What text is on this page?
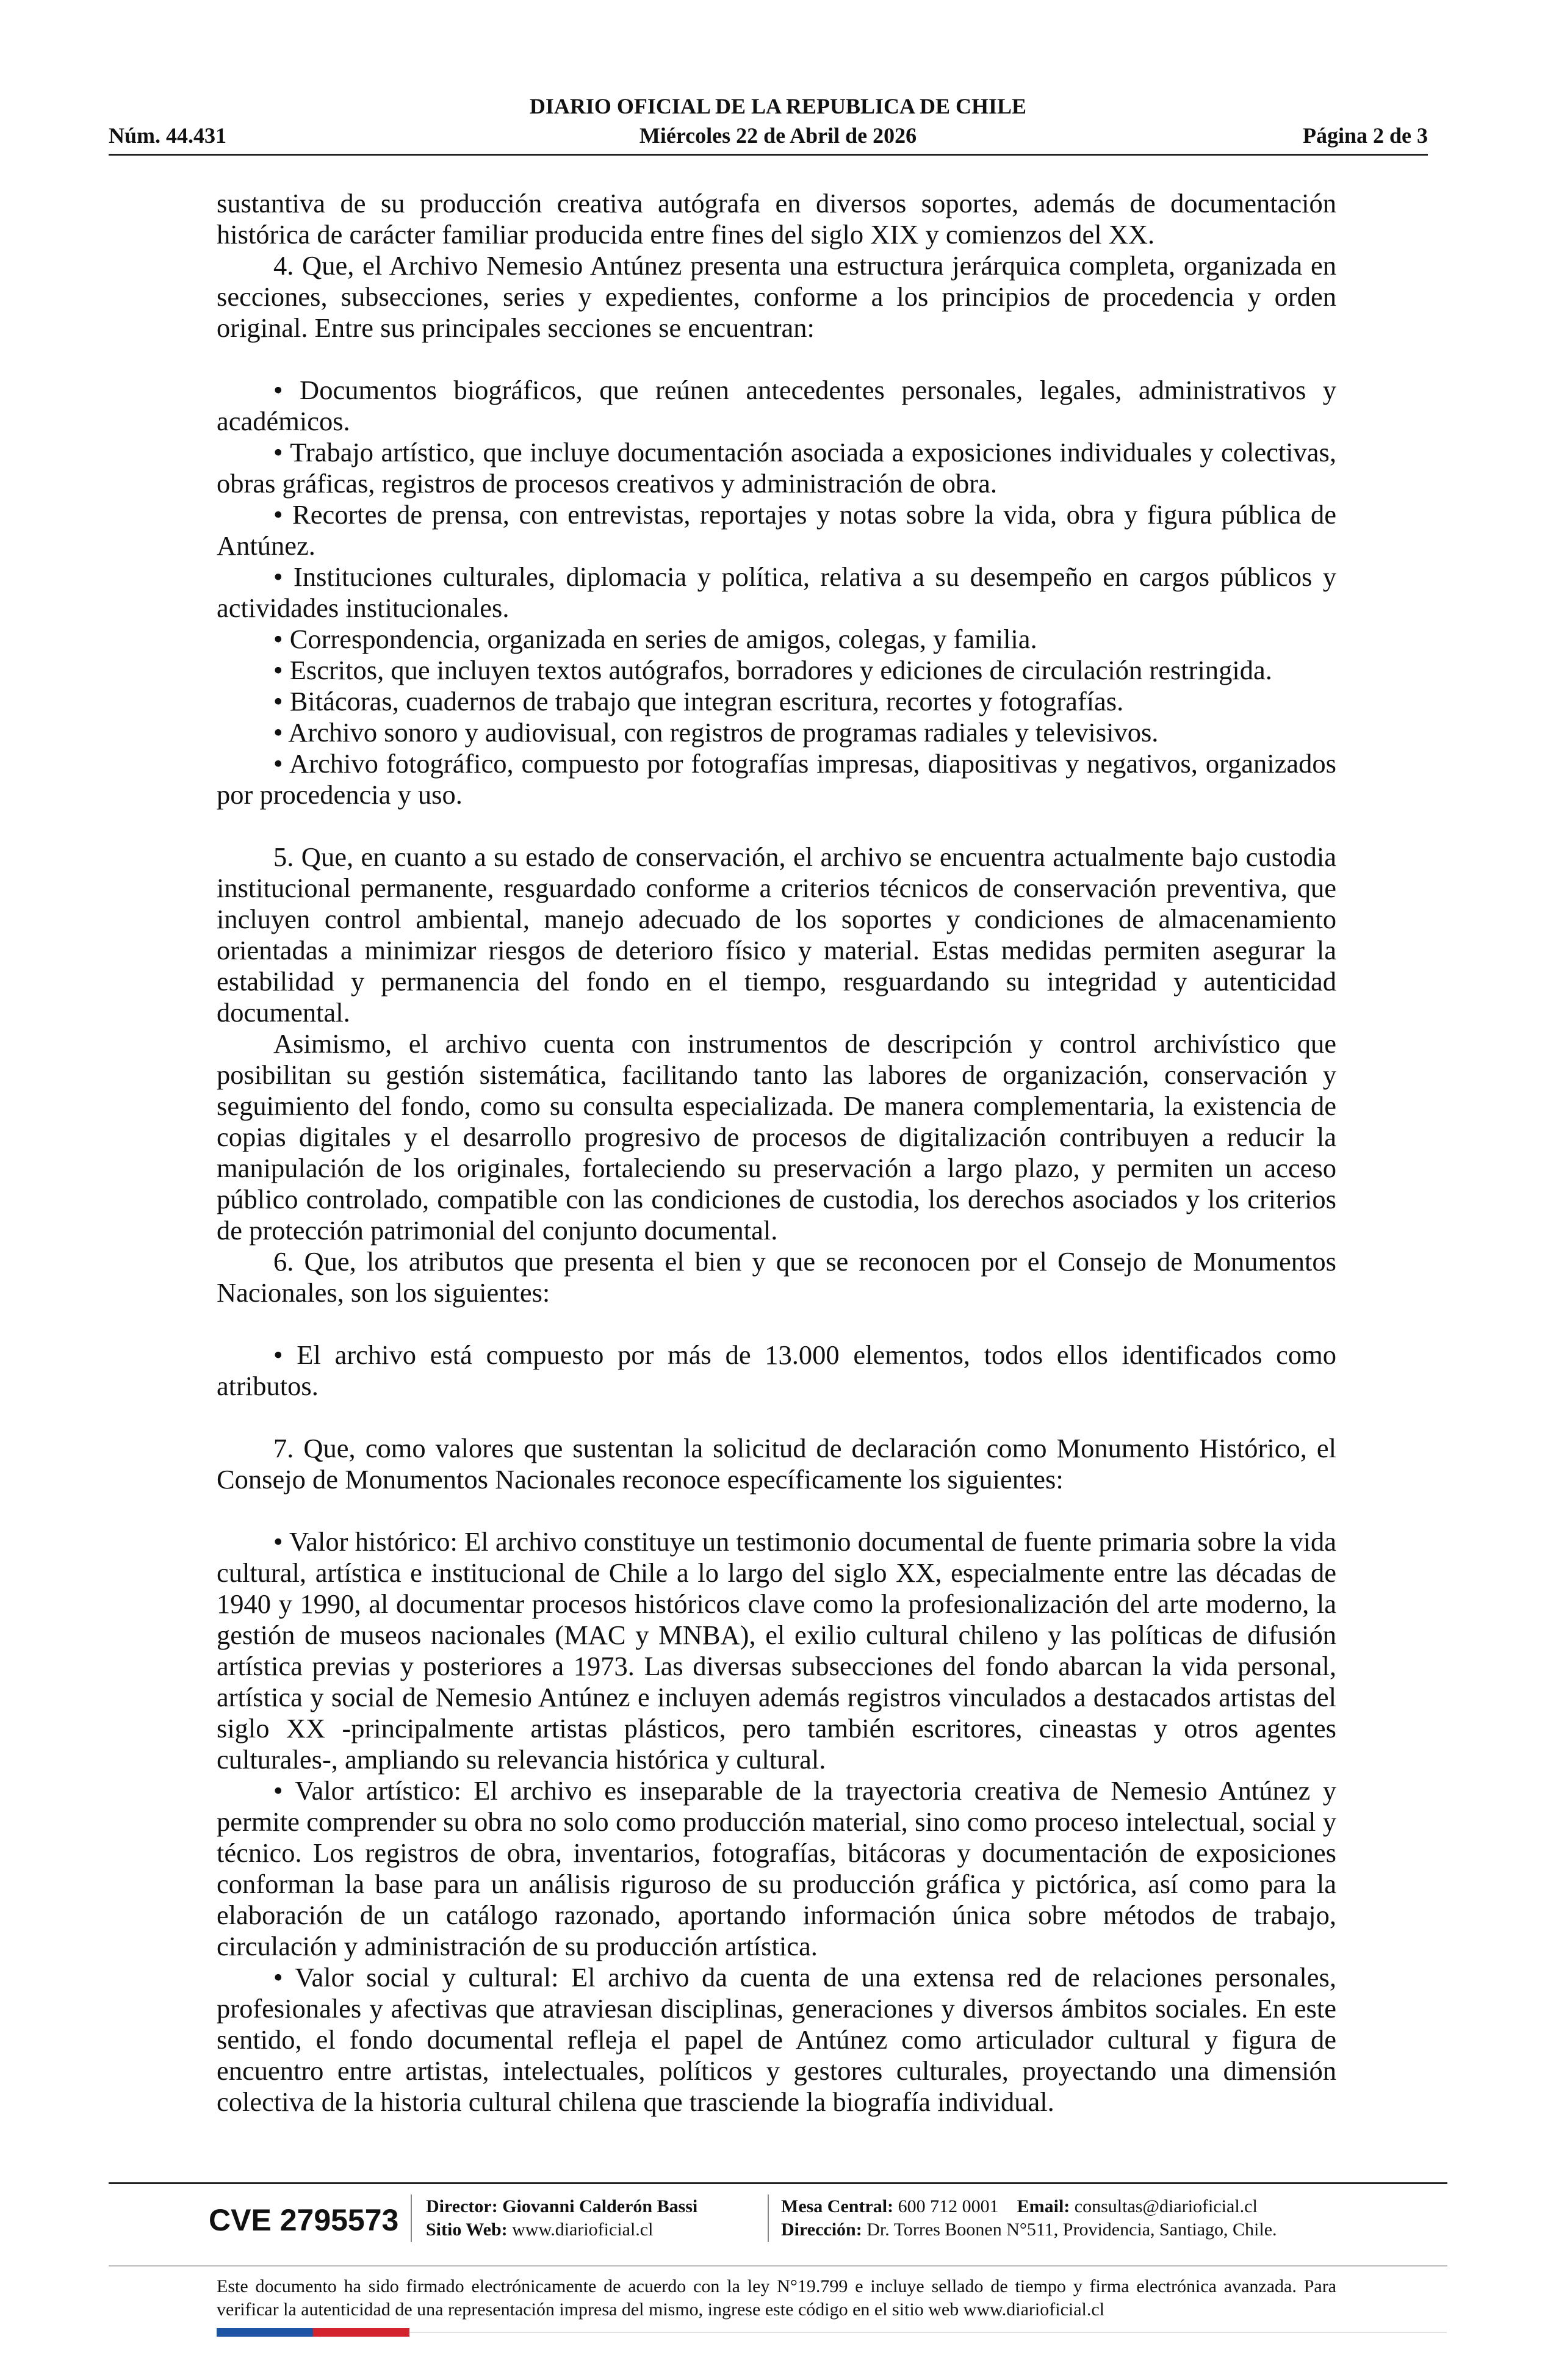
DIARIO OFICIAL DE LA REPUBLICA DE CHILE
Miércoles 22 de Abril de 2026
Núm. 44.431	Página 2 de 3

sustantiva de su producción creativa autógrafa en diversos soportes, además de documentación histórica de carácter familiar producida entre fines del siglo XIX y comienzos del XX.

4. Que, el Archivo Nemesio Antúnez presenta una estructura jerárquica completa, organizada en secciones, subsecciones, series y expedientes, conforme a los principios de procedencia y orden original. Entre sus principales secciones se encuentran:

• Documentos biográficos, que reúnen antecedentes personales, legales, administrativos y académicos.

• Trabajo artístico, que incluye documentación asociada a exposiciones individuales y colectivas, obras gráficas, registros de procesos creativos y administración de obra.

• Recortes de prensa, con entrevistas, reportajes y notas sobre la vida, obra y figura pública de Antúnez.

• Instituciones culturales, diplomacia y política, relativa a su desempeño en cargos públicos y actividades institucionales.

• Correspondencia, organizada en series de amigos, colegas, y familia.

• Escritos, que incluyen textos autógrafos, borradores y ediciones de circulación restringida.

• Bitácoras, cuadernos de trabajo que integran escritura, recortes y fotografías.

• Archivo sonoro y audiovisual, con registros de programas radiales y televisivos.

• Archivo fotográfico, compuesto por fotografías impresas, diapositivas y negativos, organizados por procedencia y uso.

5. Que, en cuanto a su estado de conservación, el archivo se encuentra actualmente bajo custodia institucional permanente, resguardado conforme a criterios técnicos de conservación preventiva, que incluyen control ambiental, manejo adecuado de los soportes y condiciones de almacenamiento orientadas a minimizar riesgos de deterioro físico y material. Estas medidas permiten asegurar la estabilidad y permanencia del fondo en el tiempo, resguardando su integridad y autenticidad documental.

Asimismo, el archivo cuenta con instrumentos de descripción y control archivístico que posibilitan su gestión sistemática, facilitando tanto las labores de organización, conservación y seguimiento del fondo, como su consulta especializada. De manera complementaria, la existencia de copias digitales y el desarrollo progresivo de procesos de digitalización contribuyen a reducir la manipulación de los originales, fortaleciendo su preservación a largo plazo, y permiten un acceso público controlado, compatible con las condiciones de custodia, los derechos asociados y los criterios de protección patrimonial del conjunto documental.

6. Que, los atributos que presenta el bien y que se reconocen por el Consejo de Monumentos Nacionales, son los siguientes:

• El archivo está compuesto por más de 13.000 elementos, todos ellos identificados como atributos.

7. Que, como valores que sustentan la solicitud de declaración como Monumento Histórico, el Consejo de Monumentos Nacionales reconoce específicamente los siguientes:

• Valor histórico: El archivo constituye un testimonio documental de fuente primaria sobre la vida cultural, artística e institucional de Chile a lo largo del siglo XX, especialmente entre las décadas de 1940 y 1990, al documentar procesos históricos clave como la profesionalización del arte moderno, la gestión de museos nacionales (MAC y MNBA), el exilio cultural chileno y las políticas de difusión artística previas y posteriores a 1973. Las diversas subsecciones del fondo abarcan la vida personal, artística y social de Nemesio Antúnez e incluyen además registros vinculados a destacados artistas del siglo XX -principalmente artistas plásticos, pero también escritores, cineastas y otros agentes culturales-, ampliando su relevancia histórica y cultural.

• Valor artístico: El archivo es inseparable de la trayectoria creativa de Nemesio Antúnez y permite comprender su obra no solo como producción material, sino como proceso intelectual, social y técnico. Los registros de obra, inventarios, fotografías, bitácoras y documentación de exposiciones conforman la base para un análisis riguroso de su producción gráfica y pictórica, así como para la elaboración de un catálogo razonado, aportando información única sobre métodos de trabajo, circulación y administración de su producción artística.

• Valor social y cultural: El archivo da cuenta de una extensa red de relaciones personales, profesionales y afectivas que atraviesan disciplinas, generaciones y diversos ámbitos sociales. En este sentido, el fondo documental refleja el papel de Antúnez como articulador cultural y figura de encuentro entre artistas, intelectuales, políticos y gestores culturales, proyectando una dimensión colectiva de la historia cultural chilena que trasciende la biografía individual.

CVE 2795573 Director: Giovanni Calderón Bassi
Sitio Web: www.diarioficial.cl
Mesa Central: 600 712 0001 Email: consultas@diarioficial.cl
Dirección: Dr. Torres Boonen N°511, Providencia, Santiago, Chile.
Este documento ha sido firmado electrónicamente de acuerdo con la ley N°19.799 e incluye sellado de tiempo y firma electrónica avanzada. Para verificar la autenticidad de una representación impresa del mismo, ingrese este código en el sitio web www.diarioficial.cl
